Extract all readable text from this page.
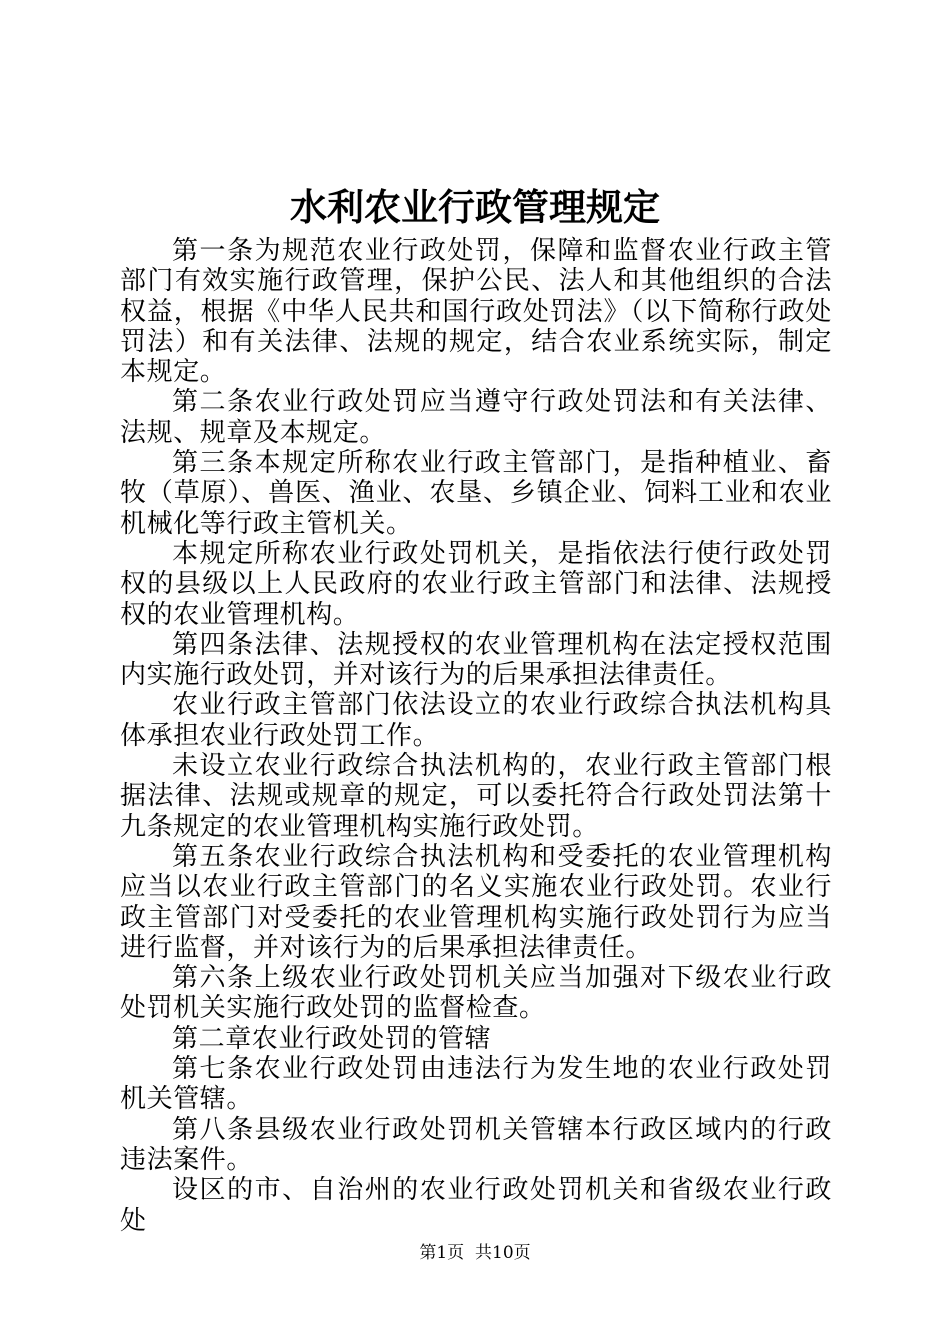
水利农业行政管理规定

第一条为规范农业行政处罚，保障和监督农业行政主管部门有效实施行政管理，保护公民、法人和其他组织的合法权益，根据《中华人民共和国行政处罚法》（以下简称行政处罚法）和有关法律、法规的规定，结合农业系统实际，制定本规定。

第二条农业行政处罚应当遵守行政处罚法和有关法律、法规、规章及本规定。

第三条本规定所称农业行政主管部门，是指种植业、畜牧（草原）、兽医、渔业、农垦、乡镇企业、饲料工业和农业机械化等行政主管机关。

本规定所称农业行政处罚机关，是指依法行使行政处罚权的县级以上人民政府的农业行政主管部门和法律、法规授权的农业管理机构。

第四条法律、法规授权的农业管理机构在法定授权范围内实施行政处罚，并对该行为的后果承担法律责任。

农业行政主管部门依法设立的农业行政综合执法机构具体承担农业行政处罚工作。

未设立农业行政综合执法机构的，农业行政主管部门根据法律、法规或规章的规定，可以委托符合行政处罚法第十九条规定的农业管理机构实施行政处罚。

第五条农业行政综合执法机构和受委托的农业管理机构应当以农业行政主管部门的名义实施农业行政处罚。农业行政主管部门对受委托的农业管理机构实施行政处罚行为应当进行监督，并对该行为的后果承担法律责任。

第六条上级农业行政处罚机关应当加强对下级农业行政处罚机关实施行政处罚的监督检查。

第二章农业行政处罚的管辖

第七条农业行政处罚由违法行为发生地的农业行政处罚机关管辖。

第八条县级农业行政处罚机关管辖本行政区域内的行政违法案件。

设区的市、自治州的农业行政处罚机关和省级农业行政处

第1页 共10页
